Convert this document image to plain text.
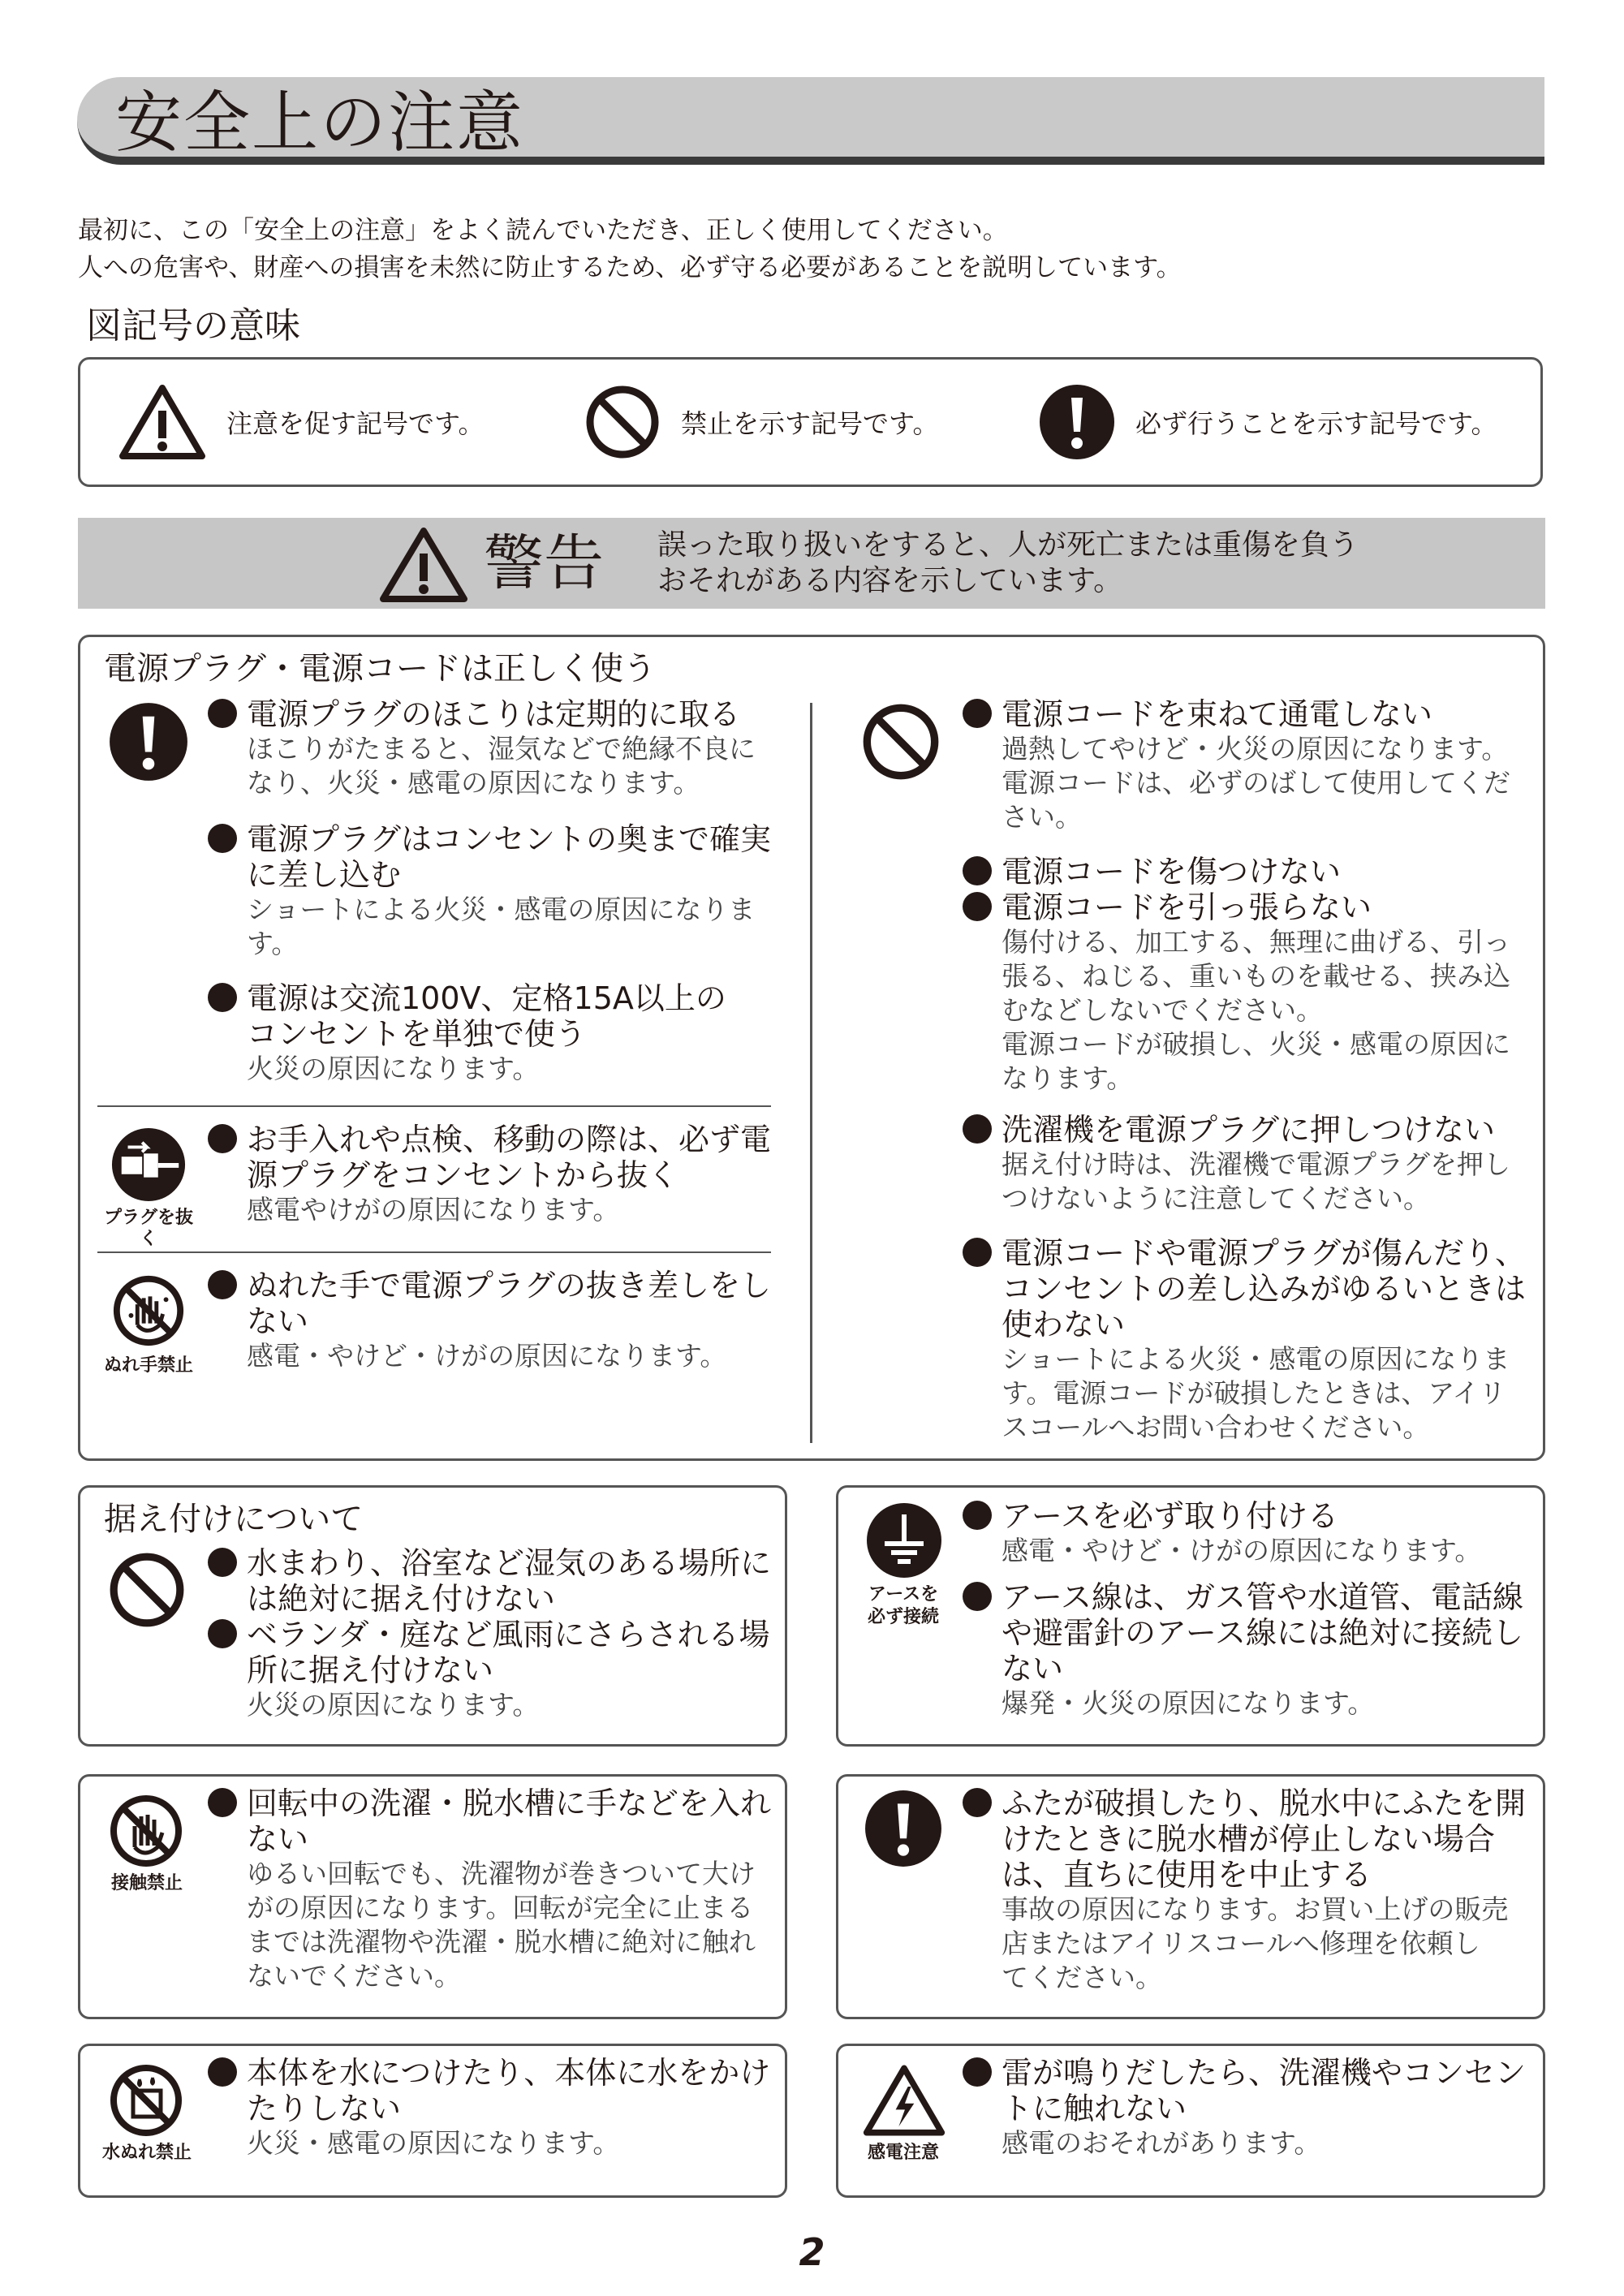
安全上の注意
最初に、この「安全上の注意」をよく読んでいただき、正しく使用してください。
人への危害や、財産への損害を未然に防止するため、必ず守る必要があることを説明しています。
図記号の意味
注意を促す記号です。	禁止を示す記号です。	必ず行うことを示す記号です。
警告 誤った取り扱いをすると、人が死亡または重傷を負う
おそれがある内容を示しています。
電源プラグ・電源コードは正しく使う
電源プラグのほこりは定期的に取る
ほこりがたまると、湿気などで絶縁不良に
なり、火災・感電の原因になります。
電源プラグはコンセントの奥まで確実
に差し込む
ショートによる火災・感電の原因になりま
す。
電源は交流100V、定格15A以上の
コンセントを単独で使う
火災の原因になります。
プラグを抜く
お手入れや点検、移動の際は、必ず電
源プラグをコンセントから抜く
感電やけがの原因になります。
ぬれ手禁止
ぬれた手で電源プラグの抜き差しをし
ない
感電・やけど・けがの原因になります。
電源コードを束ねて通電しない
過熱してやけど・火災の原因になります。
電源コードは、必ずのばして使用してくだ
さい。
電源コードを傷つけない
電源コードを引っ張らない
傷付ける、加工する、無理に曲げる、引っ
張る、ねじる、重いものを載せる、挟み込
むなどしないでください。
電源コードが破損し、火災・感電の原因に
なります。
洗濯機を電源プラグに押しつけない
据え付け時は、洗濯機で電源プラグを押し
つけないように注意してください。
電源コードや電源プラグが傷んだり、
コンセントの差し込みがゆるいときは
使わない
ショートによる火災・感電の原因になりま
す。電源コードが破損したときは、アイリ
スコールへお問い合わせください。
据え付けについて
水まわり、浴室など湿気のある場所に
は絶対に据え付けない
ベランダ・庭など風雨にさらされる場
所に据え付けない
火災の原因になります。
アースを
必ず接続
アースを必ず取り付ける
感電・やけど・けがの原因になります。
アース線は、ガス管や水道管、電話線
や避雷針のアース線には絶対に接続し
ない
爆発・火災の原因になります。
接触禁止
回転中の洗濯・脱水槽に手などを入れ
ない
ゆるい回転でも、洗濯物が巻きついて大け
がの原因になります。回転が完全に止まる
までは洗濯物や洗濯・脱水槽に絶対に触れ
ないでください。
ふたが破損したり、脱水中にふたを開
けたときに脱水槽が停止しない場合
は、直ちに使用を中止する
事故の原因になります。お買い上げの販売
店またはアイリスコールへ修理を依頼し
てください。
水ぬれ禁止
本体を水につけたり、本体に水をかけ
たりしない
火災・感電の原因になります。	感電注意
雷が鳴りだしたら、洗濯機やコンセン
トに触れない
感電のおそれがあります。
2
